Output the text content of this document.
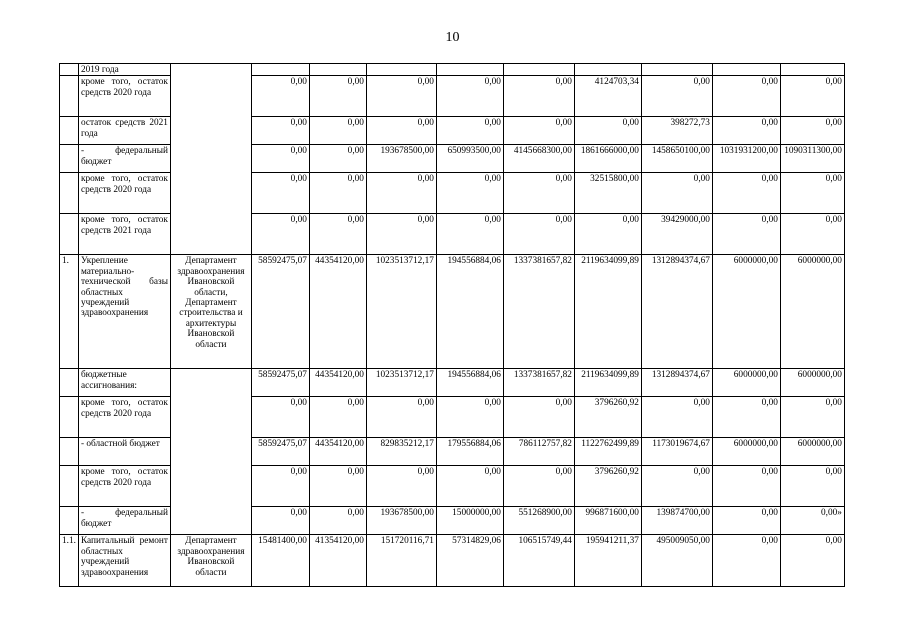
10
	2019 года										
	кроме того, остаток средств 2020 года		0,00	0,00	0,00	0,00	0,00	4124703,34	0,00	0,00	0,00
	остаток средств 2021 года		0,00	0,00	0,00	0,00	0,00	0,00	398272,73	0,00	0,00
	- федеральный бюджет		0,00	0,00	193678500,00	650993500,00	4145668300,00	1861666000,00	1458650100,00	1031931200,00	1090311300,00
	кроме того, остаток средств 2020 года		0,00	0,00	0,00	0,00	0,00	32515800,00	0,00	0,00	0,00
	кроме того, остаток средств 2021 года		0,00	0,00	0,00	0,00	0,00	0,00	39429000,00	0,00	0,00
1.	Укрепление материально-технической базы областных учреждений здравоохранения	Департамент здравоохранения Ивановской области, Департамент строительства и архитектуры Ивановской области	58592475,07	44354120,00	1023513712,17	194556884,06	1337381657,82	2119634099,89	1312894374,67	6000000,00	6000000,00
	бюджетные ассигнования:		58592475,07	44354120,00	1023513712,17	194556884,06	1337381657,82	2119634099,89	1312894374,67	6000000,00	6000000,00
	кроме того, остаток средств 2020 года		0,00	0,00	0,00	0,00	0,00	3796260,92	0,00	0,00	0,00
	- областной бюджет		58592475,07	44354120,00	829835212,17	179556884,06	786112757,82	1122762499,89	1173019674,67	6000000,00	6000000,00
	кроме того, остаток средств 2020 года		0,00	0,00	0,00	0,00	0,00	3796260,92	0,00	0,00	0,00
	- федеральный бюджет		0,00	0,00	193678500,00	15000000,00	551268900,00	996871600,00	139874700,00	0,00	0,00»
1.1.	Капитальный ремонт областных учреждений здравоохранения	Департамент здравоохранения Ивановской области	15481400,00	41354120,00	151720116,71	57314829,06	106515749,44	195941211,37	495009050,00	0,00	0,00
